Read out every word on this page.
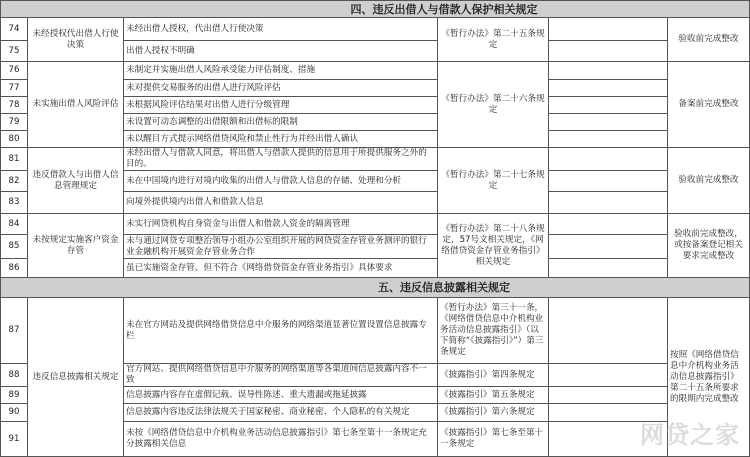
四、违反出借人与借款人保护相关规定					
74	未经授权代出借人行使决策	未经出借人授权，代出借人行使决策	《暂行办法》第二十五条规定		验收前完成整改
75		出借人授权不明确			
76	未实施出借人风险评估	未制定并实施出借人风险承受能力评估制度、措施	《暂行办法》第二十六条规定		备案前完成整改
77		未对提供交易服务的出借人进行风险评估			
78		未根据风险评估结果对出借人进行分级管理			
79		未设置可动态调整的出借限额和出借标的限制			
80		未以醒目方式提示网络借贷风险和禁止性行为并经出借人确认			
81	违反借款人与出借人信息管理规定	未经出借人与借款人同意，将出借人与借款人提供的信息用于所提供服务之外的目的。	《暂行办法》第二十七条规定		验收前完成整改
82		未在中国境内进行对境内收集的出借人与借款人信息的存储、处理和分析			
83		向境外提供境内出借人和借款人信息			
84	未按规定实施客户资金存管	未实行网贷机构自身资金与出借人和借款人资金的隔离管理	《暂行办法》第二十八条规定，57号文相关规定，《网络借贷资金存管业务指引》相关规定		验收前完成整改，或按备案登记相关要求完成整改
85		未与通过网贷专项整治领导小组办公室组织开展的网贷资金存管业务测评的银行业金融机构开展资金存管业务合作			
86		虽已实施资金存管、但不符合《网络借贷资金存管业务指引》具体要求			
五、违反信息披露相关规定					
87	违反信息披露相关规定	未在官方网站及提供网络借贷信息中介服务的网络渠道显著位置设置信息披露专栏	《暂行办法》第三十一条，《网络借贷信息中介机构业务活动信息披露指引》（以下简称“《披露指引》”）第三条规定		按照《网络借贷信息中介机构业务活动信息披露指引》第二十五条所要求的限期内完成整改
88		官方网站、提供网络借贷信息中介服务的网络渠道等各渠道间信息披露内容不一致	《披露指引》第四条规定		
89		信息披露内容存在虚假记载、误导性陈述、重大遗漏或拖延披露	《披露指引》第五条规定		
90		信息披露内容违反法律法规关于国家秘密、商业秘密、个人隐私的有关规定	《披露指引》第六条规定		
91		未按《网络借贷信息中介机构业务活动信息披露指引》第七条至第十一条规定充分披露相关信息	《披露指引》第七条至第十一条规定			网贷之家
